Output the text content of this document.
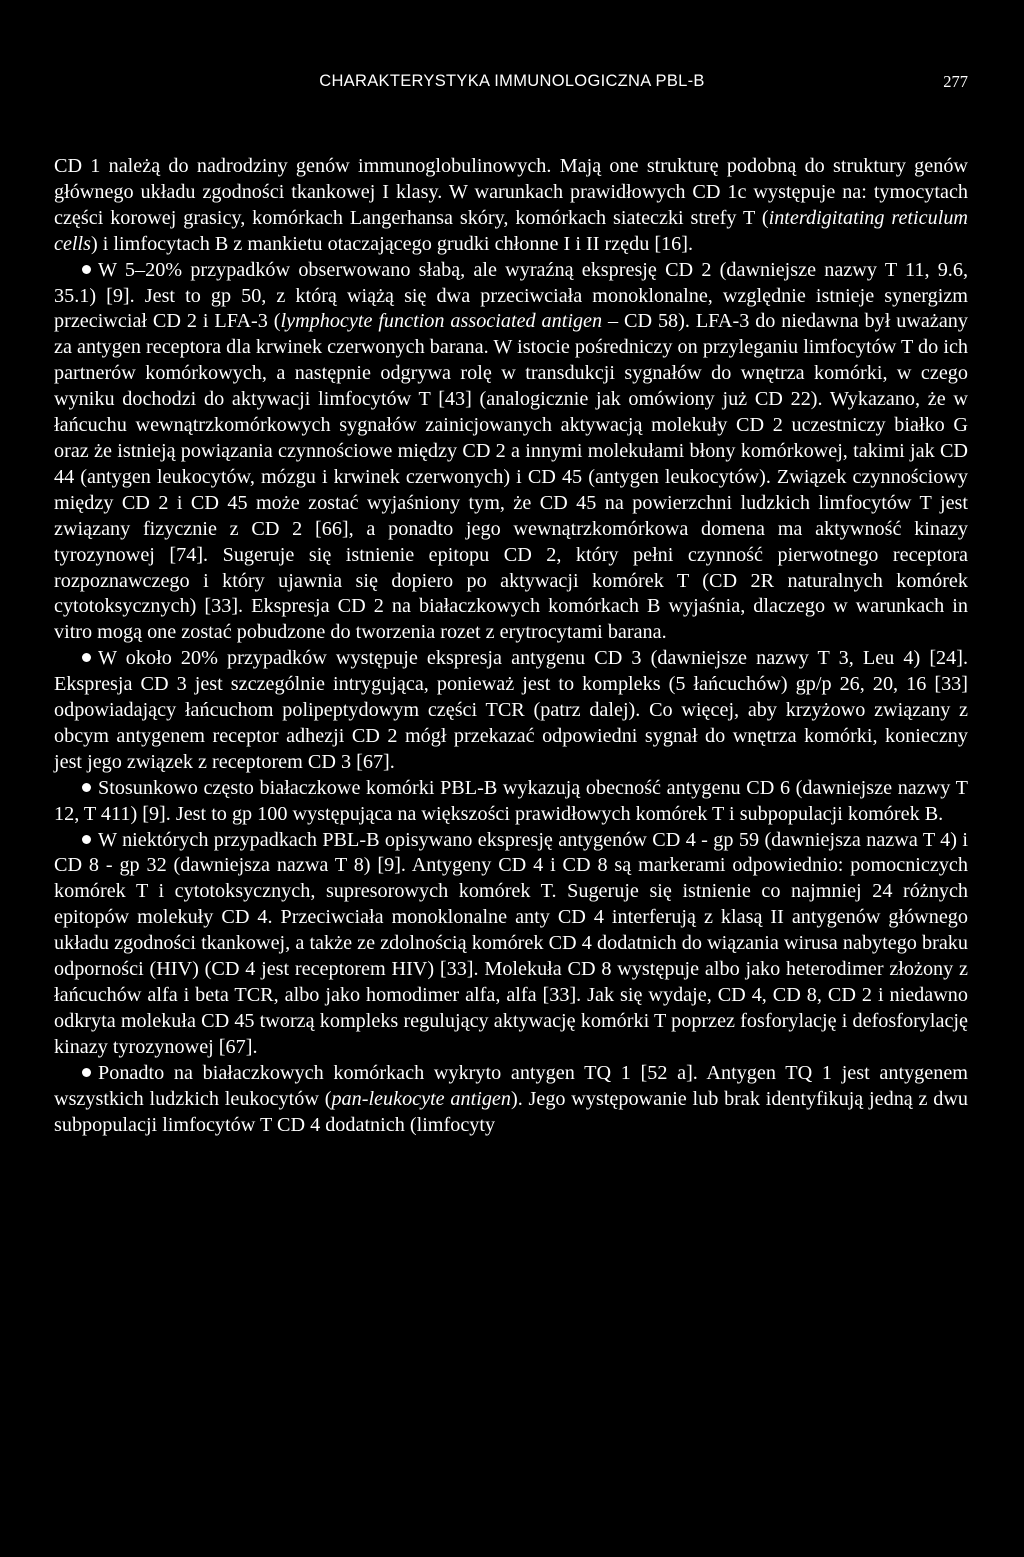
CHARAKTERYSTYKA IMMUNOLOGICZNA PBL-B	277

CD 1 należą do nadrodziny genów immunoglobulinowych. Mają one strukturę podobną do struktury genów głównego układu zgodności tkankowej I klasy. W warunkach prawidłowych CD 1c występuje na: tymocytach części korowej grasicy, komórkach Langerhansa skóry, komórkach siateczki strefy T (interdigitating reticulum cells) i limfocytach B z mankietu otaczającego grudki chłonne I i II rzędu [16].

W 5–20% przypadków obserwowano słabą, ale wyraźną ekspresję CD 2 (dawniejsze nazwy T 11, 9.6, 35.1) [9]. Jest to gp 50, z którą wiążą się dwa przeciwciała monoklonalne, względnie istnieje synergizm przeciwciał CD 2 i LFA-3 (lymphocyte function associated antigen – CD 58). LFA-3 do niedawna był uważany za antygen receptora dla krwinek czerwonych barana. W istocie pośredniczy on przyleganiu limfocytów T do ich partnerów komórkowych, a następnie odgrywa rolę w transdukcji sygnałów do wnętrza komórki, w czego wyniku dochodzi do aktywacji limfocytów T [43] (analogicznie jak omówiony już CD 22). Wykazano, że w łańcuchu wewnątrzkomórkowych sygnałów zainicjowanych aktywacją molekuły CD 2 uczestniczy białko G oraz że istnieją powiązania czynnościowe między CD 2 a innymi molekułami błony komórkowej, takimi jak CD 44 (antygen leukocytów, mózgu i krwinek czerwonych) i CD 45 (antygen leukocytów). Związek czynnościowy między CD 2 i CD 45 może zostać wyjaśniony tym, że CD 45 na powierzchni ludzkich limfocytów T jest związany fizycznie z CD 2 [66], a ponadto jego wewnątrzkomórkowa domena ma aktywność kinazy tyrozynowej [74]. Sugeruje się istnienie epitopu CD 2, który pełni czynność pierwotnego receptora rozpoznawczego i który ujawnia się dopiero po aktywacji komórek T (CD 2R naturalnych komórek cytotoksycznych) [33]. Ekspresja CD 2 na białaczkowych komórkach B wyjaśnia, dlaczego w warunkach in vitro mogą one zostać pobudzone do tworzenia rozet z erytrocytami barana.

W około 20% przypadków występuje ekspresja antygenu CD 3 (dawniejsze nazwy T 3, Leu 4) [24]. Ekspresja CD 3 jest szczególnie intrygująca, ponieważ jest to kompleks (5 łańcuchów) gp/p 26, 20, 16 [33] odpowiadający łańcuchom polipeptydowym części TCR (patrz dalej). Co więcej, aby krzyżowo związany z obcym antygenem receptor adhezji CD 2 mógł przekazać odpowiedni sygnał do wnętrza komórki, konieczny jest jego związek z receptorem CD 3 [67].

Stosunkowo często białaczkowe komórki PBL-B wykazują obecność antygenu CD 6 (dawniejsze nazwy T 12, T 411) [9]. Jest to gp 100 występująca na większości prawidłowych komórek T i subpopulacji komórek B.

W niektórych przypadkach PBL-B opisywano ekspresję antygenów CD 4 - gp 59 (dawniejsza nazwa T 4) i CD 8 - gp 32 (dawniejsza nazwa T 8) [9]. Antygeny CD 4 i CD 8 są markerami odpowiednio: pomocniczych komórek T i cytotoksycznych, supresorowych komórek T. Sugeruje się istnienie co najmniej 24 różnych epitopów molekuły CD 4. Przeciwciała monoklonalne anty CD 4 interferują z klasą II antygenów głównego układu zgodności tkankowej, a także ze zdolnością komórek CD 4 dodatnich do wiązania wirusa nabytego braku odporności (HIV) (CD 4 jest receptorem HIV) [33]. Molekuła CD 8 występuje albo jako heterodimer złożony z łańcuchów alfa i beta TCR, albo jako homodimer alfa, alfa [33]. Jak się wydaje, CD 4, CD 8, CD 2 i niedawno odkryta molekuła CD 45 tworzą kompleks regulujący aktywację komórki T poprzez fosforylację i defosforylację kinazy tyrozynowej [67].

Ponadto na białaczkowych komórkach wykryto antygen TQ 1 [52 a]. Antygen TQ 1 jest antygenem wszystkich ludzkich leukocytów (pan-leukocyte antigen). Jego występowanie lub brak identyfikują jedną z dwu subpopulacji limfocytów T CD 4 dodatnich (limfocyty
